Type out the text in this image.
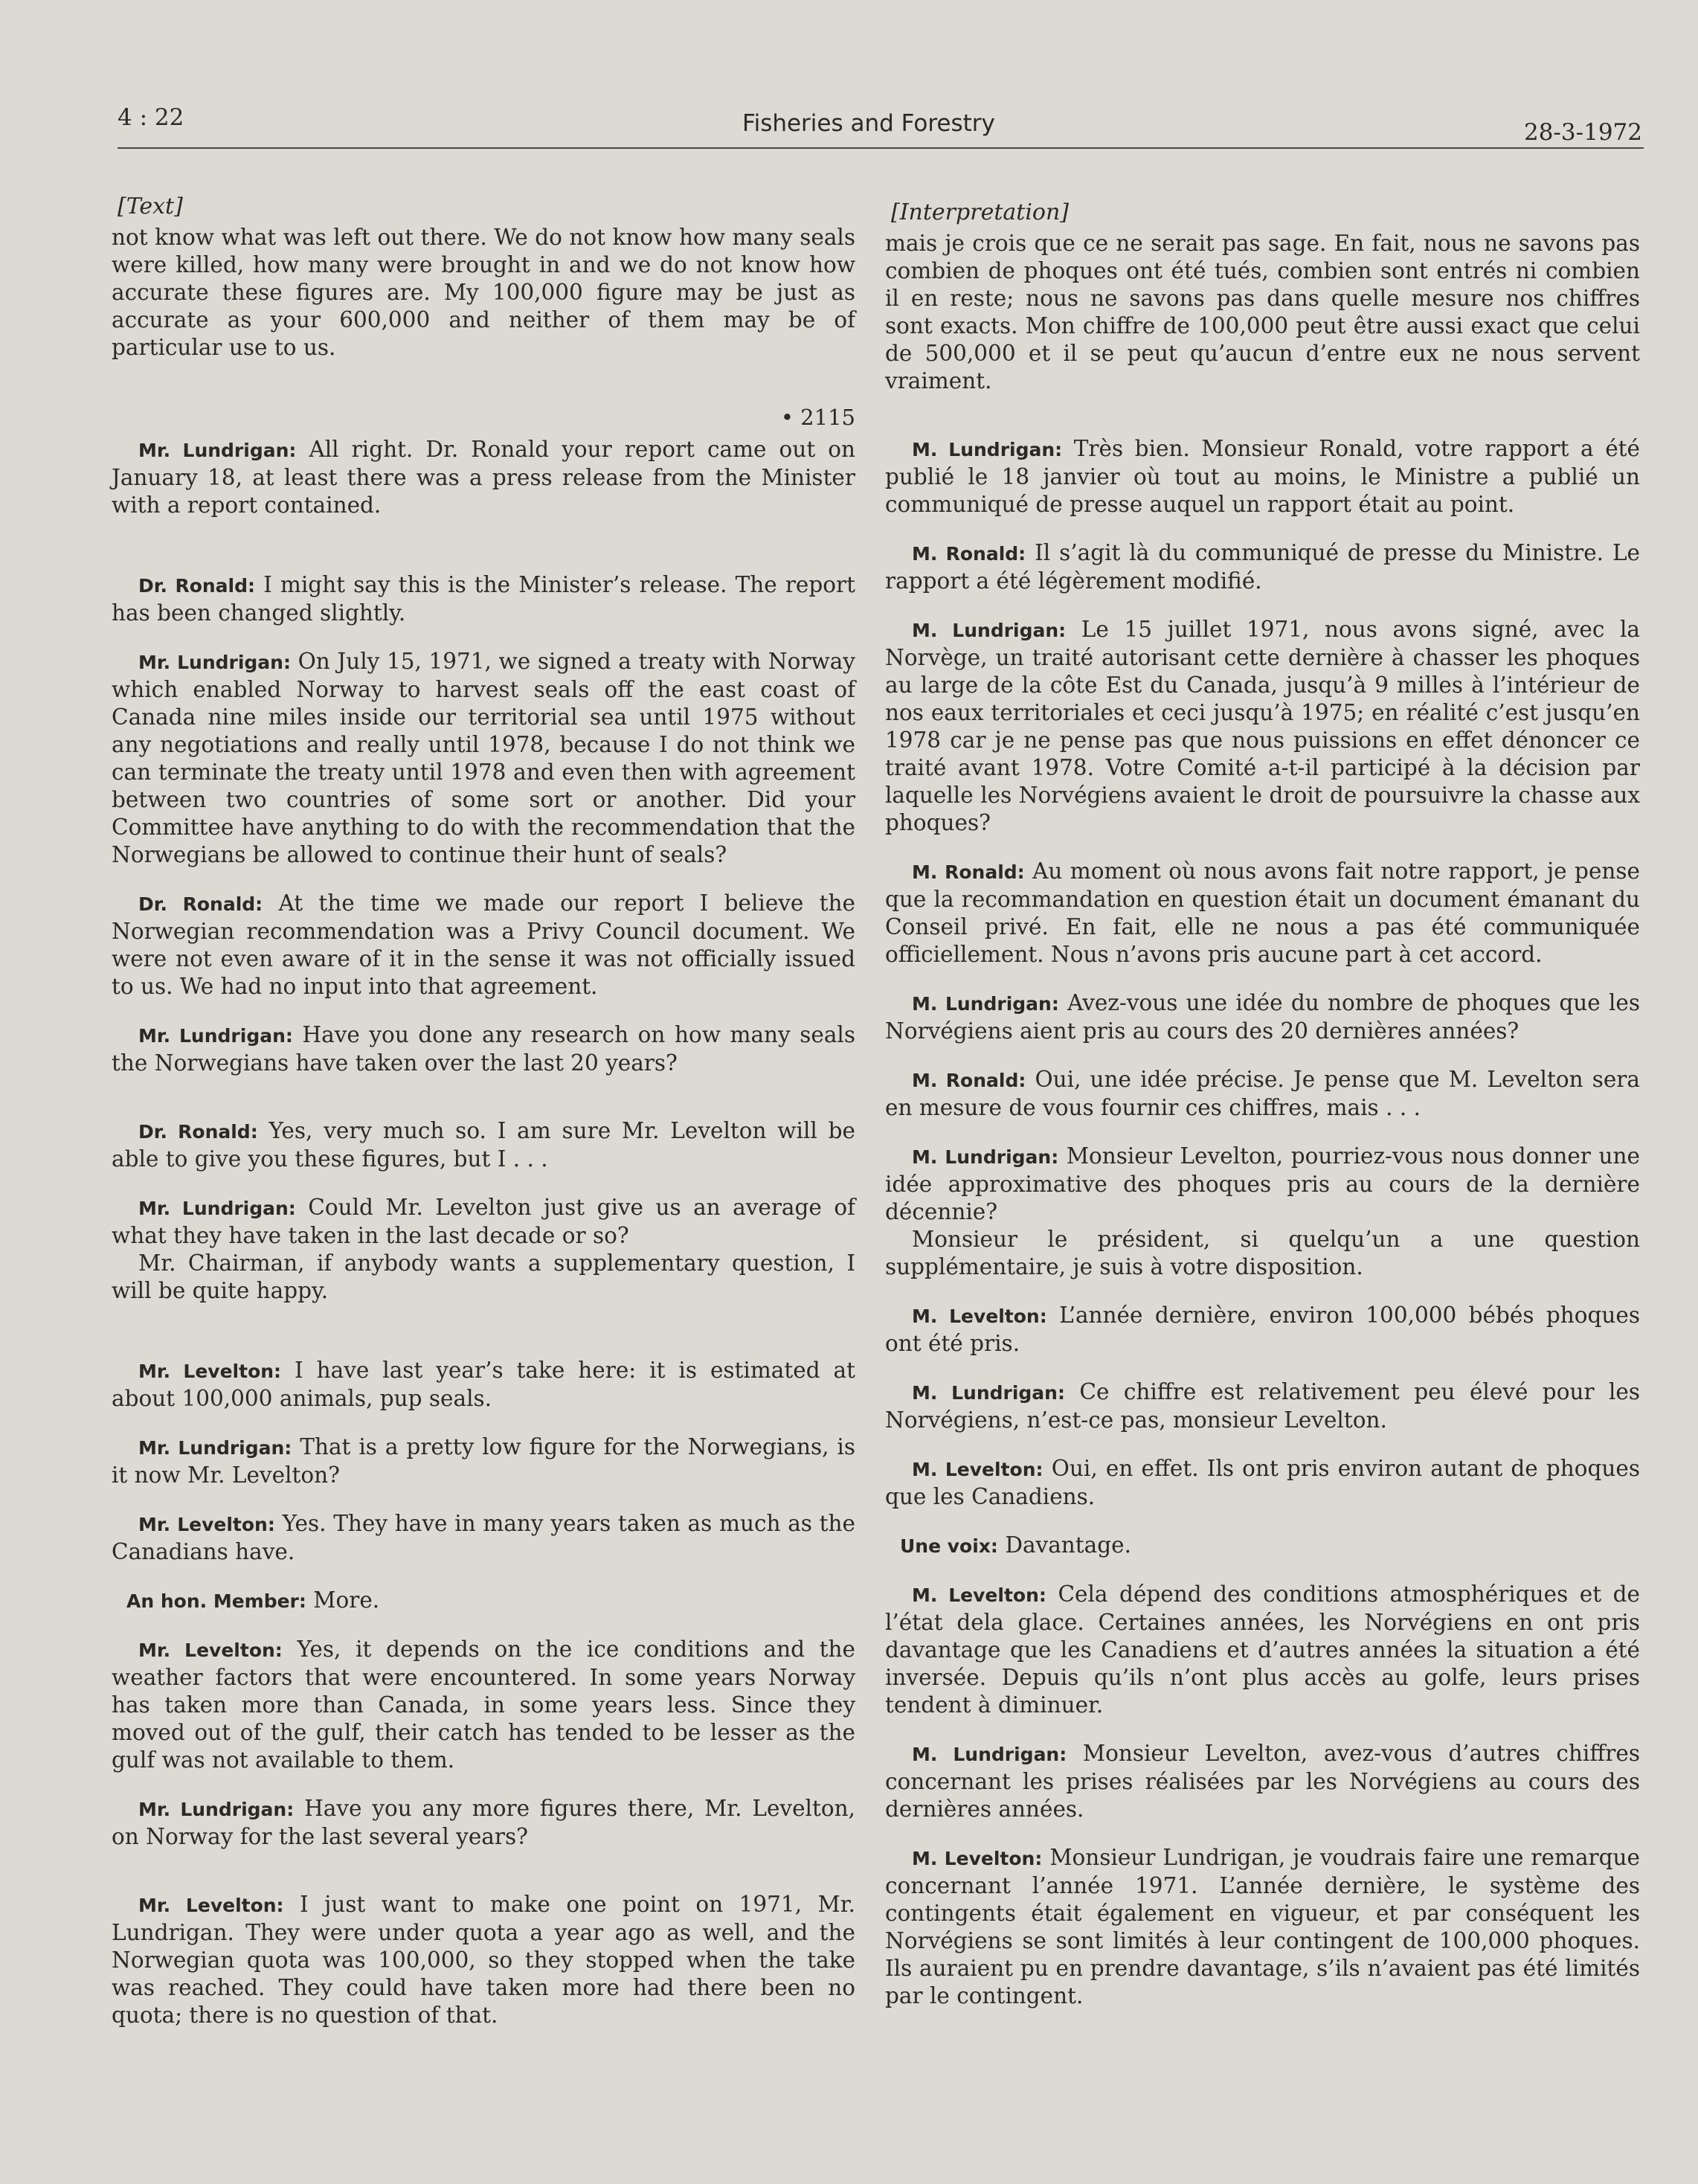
4 : 22	Fisheries and Forestry	28-3-1972
[Text]

not know what was left out there. We do not know how many seals were killed, how many were brought in and we do not know how accurate these figures are. My 100,000 figure may be just as accurate as your 600,000 and neither of them may be of particular use to us.

• 2115

Mr. Lundrigan: All right. Dr. Ronald your report came out on January 18, at least there was a press release from the Minister with a report contained.

Dr. Ronald: I might say this is the Minister’s release. The report has been changed slightly.

Mr. Lundrigan: On July 15, 1971, we signed a treaty with Norway which enabled Norway to harvest seals off the east coast of Canada nine miles inside our territorial sea until 1975 without any negotiations and really until 1978, because I do not think we can terminate the treaty until 1978 and even then with agreement between two countries of some sort or another. Did your Committee have anything to do with the recommendation that the Norwegians be allowed to continue their hunt of seals?

Dr. Ronald: At the time we made our report I believe the Norwegian recommendation was a Privy Council document. We were not even aware of it in the sense it was not officially issued to us. We had no input into that agreement.

Mr. Lundrigan: Have you done any research on how many seals the Norwegians have taken over the last 20 years?

Dr. Ronald: Yes, very much so. I am sure Mr. Levelton will be able to give you these figures, but I . . .

Mr. Lundrigan: Could Mr. Levelton just give us an average of what they have taken in the last decade or so?

Mr. Chairman, if anybody wants a supplementary question, I will be quite happy.

Mr. Levelton: I have last year’s take here: it is estimated at about 100,000 animals, pup seals.

Mr. Lundrigan: That is a pretty low figure for the Norwegians, is it now Mr. Levelton?

Mr. Levelton: Yes. They have in many years taken as much as the Canadians have.

An hon. Member: More.

Mr. Levelton: Yes, it depends on the ice conditions and the weather factors that were encountered. In some years Norway has taken more than Canada, in some years less. Since they moved out of the gulf, their catch has tended to be lesser as the gulf was not available to them.

Mr. Lundrigan: Have you any more figures there, Mr. Levelton, on Norway for the last several years?

Mr. Levelton: I just want to make one point on 1971, Mr. Lundrigan. They were under quota a year ago as well, and the Norwegian quota was 100,000, so they stopped when the take was reached. They could have taken more had there been no quota; there is no question of that.

[Interpretation]

mais je crois que ce ne serait pas sage. En fait, nous ne savons pas combien de phoques ont été tués, combien sont entrés ni combien il en reste; nous ne savons pas dans quelle mesure nos chiffres sont exacts. Mon chiffre de 100,000 peut être aussi exact que celui de 500,000 et il se peut qu’aucun d’entre eux ne nous servent vraiment.

M. Lundrigan: Très bien. Monsieur Ronald, votre rapport a été publié le 18 janvier où tout au moins, le Ministre a publié un communiqué de presse auquel un rapport était au point.

M. Ronald: Il s’agit là du communiqué de presse du Ministre. Le rapport a été légèrement modifié.

M. Lundrigan: Le 15 juillet 1971, nous avons signé, avec la Norvège, un traité autorisant cette dernière à chasser les phoques au large de la côte Est du Canada, jusqu’à 9 milles à l’intérieur de nos eaux territoriales et ceci jusqu’à 1975; en réalité c’est jusqu’en 1978 car je ne pense pas que nous puissions en effet dénoncer ce traité avant 1978. Votre Comité a-t-il participé à la décision par laquelle les Norvégiens avaient le droit de poursuivre la chasse aux phoques?

M. Ronald: Au moment où nous avons fait notre rapport, je pense que la recommandation en question était un document émanant du Conseil privé. En fait, elle ne nous a pas été communiquée officiellement. Nous n’avons pris aucune part à cet accord.

M. Lundrigan: Avez-vous une idée du nombre de phoques que les Norvégiens aient pris au cours des 20 dernières années?

M. Ronald: Oui, une idée précise. Je pense que M. Levelton sera en mesure de vous fournir ces chiffres, mais . . .

M. Lundrigan: Monsieur Levelton, pourriez-vous nous donner une idée approximative des phoques pris au cours de la dernière décennie?

Monsieur le président, si quelqu’un a une question supplémentaire, je suis à votre disposition.

M. Levelton: L’année dernière, environ 100,000 bébés phoques ont été pris.

M. Lundrigan: Ce chiffre est relativement peu élevé pour les Norvégiens, n’est-ce pas, monsieur Levelton.

M. Levelton: Oui, en effet. Ils ont pris environ autant de phoques que les Canadiens.

Une voix: Davantage.

M. Levelton: Cela dépend des conditions atmosphériques et de l’état dela glace. Certaines années, les Norvégiens en ont pris davantage que les Canadiens et d’autres années la situation a été inversée. Depuis qu’ils n’ont plus accès au golfe, leurs prises tendent à diminuer.

M. Lundrigan: Monsieur Levelton, avez-vous d’autres chiffres concernant les prises réalisées par les Norvégiens au cours des dernières années.

M. Levelton: Monsieur Lundrigan, je voudrais faire une remarque concernant l’année 1971. L’année dernière, le système des contingents était également en vigueur, et par conséquent les Norvégiens se sont limités à leur contingent de 100,000 phoques. Ils auraient pu en prendre davantage, s’ils n’avaient pas été limités par le contingent.
